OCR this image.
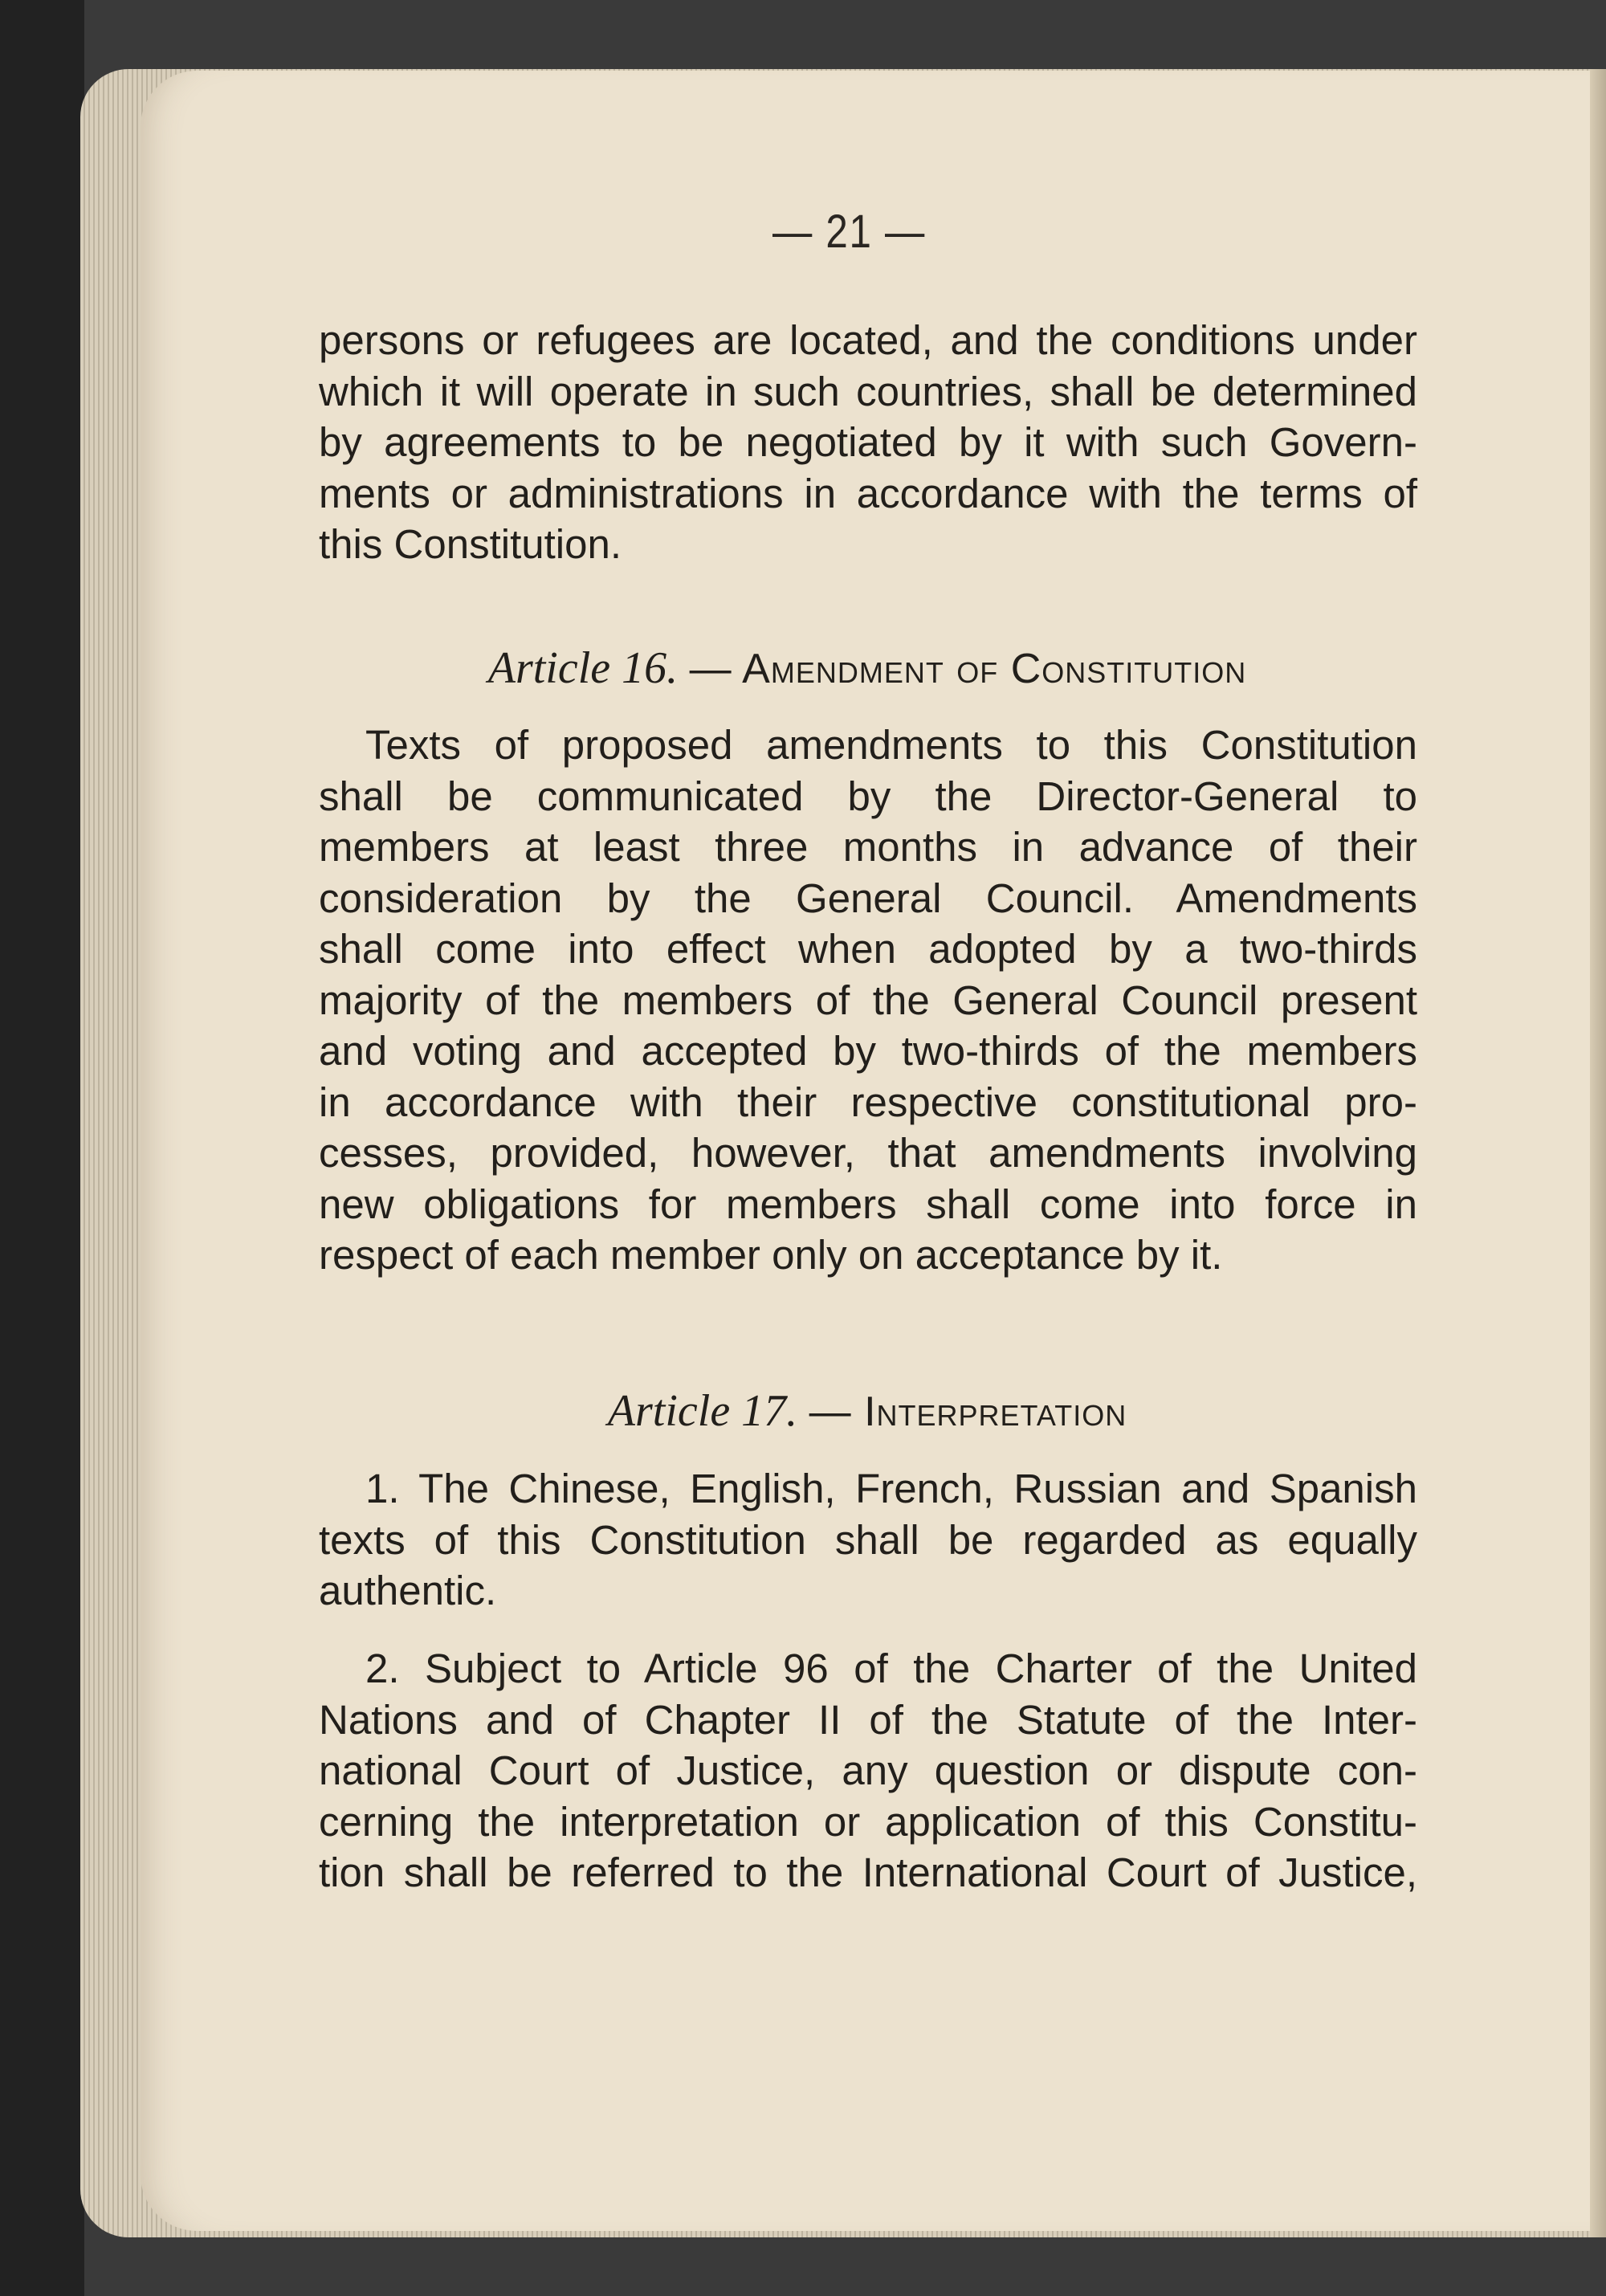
— 21 —
persons or refugees are located, and the conditions under
which it will operate in such countries, shall be determined
by agreements to be negotiated by it with such Govern-
ments or administrations in accordance with the terms of
this Constitution.
Article 16. — Amendment of Constitution
Texts of proposed amendments to this Constitution
shall be communicated by the Director-General to
members at least three months in advance of their
consideration by the General Council. Amendments
shall come into effect when adopted by a two-thirds
majority of the members of the General Council present
and voting and accepted by two-thirds of the members
in accordance with their respective constitutional pro-
cesses, provided, however, that amendments involving
new obligations for members shall come into force in
respect of each member only on acceptance by it.
Article 17. — Interpretation
1. The Chinese, English, French, Russian and Spanish
texts of this Constitution shall be regarded as equally
authentic.
2. Subject to Article 96 of the Charter of the United
Nations and of Chapter II of the Statute of the Inter-
national Court of Justice, any question or dispute con-
cerning the interpretation or application of this Constitu-
tion shall be referred to the International Court of Justice,
